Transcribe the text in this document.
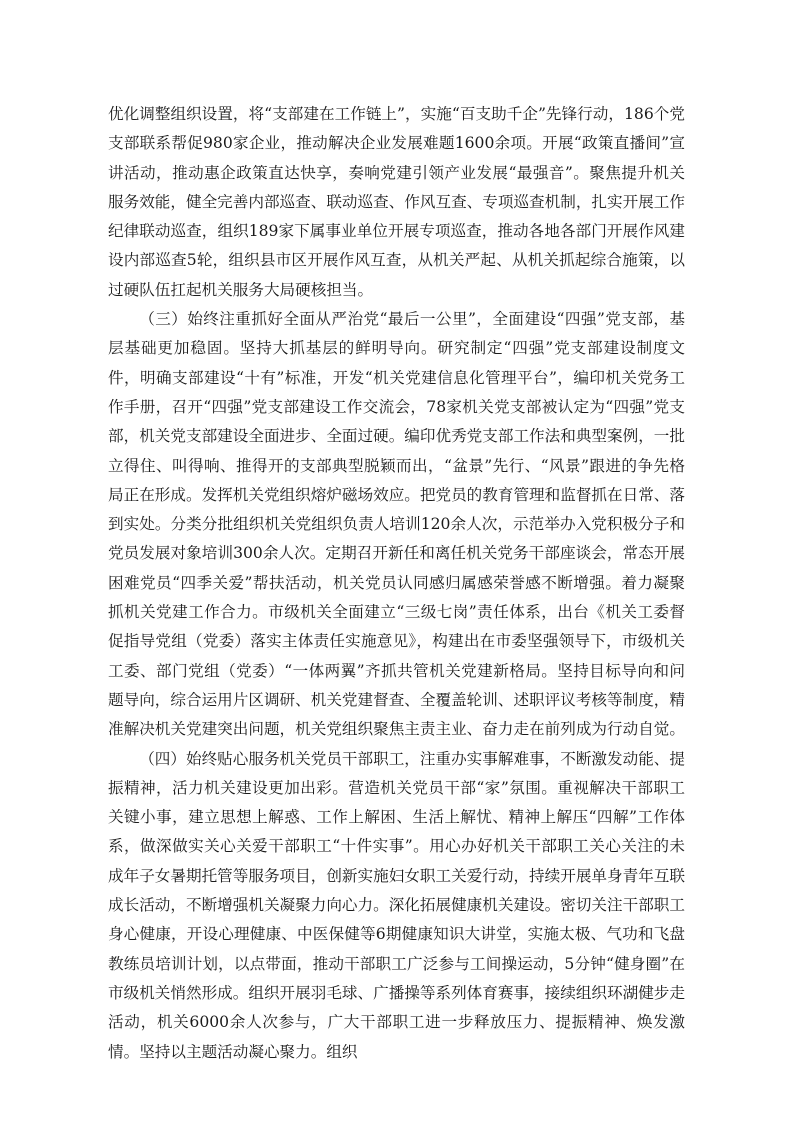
优化调整组织设置，将“支部建在工作链上”，实施“百支助千企”先锋行动，186个党支部联系帮促980家企业，推动解决企业发展难题1600余项。开展“政策直播间”宣讲活动，推动惠企政策直达快享，奏响党建引领产业发展“最强音”。聚焦提升机关服务效能，健全完善内部巡查、联动巡查、作风互查、专项巡查机制，扎实开展工作纪律联动巡查，组织189家下属事业单位开展专项巡查，推动各地各部门开展作风建设内部巡查5轮，组织县市区开展作风互查，从机关严起、从机关抓起综合施策，以过硬队伍扛起机关服务大局硬核担当。

（三）始终注重抓好全面从严治党“最后一公里”，全面建设“四强”党支部，基层基础更加稳固。坚持大抓基层的鲜明导向。研究制定“四强”党支部建设制度文件，明确支部建设“十有”标准，开发“机关党建信息化管理平台”，编印机关党务工作手册，召开“四强”党支部建设工作交流会，78家机关党支部被认定为“四强”党支部，机关党支部建设全面进步、全面过硬。编印优秀党支部工作法和典型案例，一批立得住、叫得响、推得开的支部典型脱颖而出，“盆景”先行、“风景”跟进的争先格局正在形成。发挥机关党组织熔炉磁场效应。把党员的教育管理和监督抓在日常、落到实处。分类分批组织机关党组织负责人培训120余人次，示范举办入党积极分子和党员发展对象培训300余人次。定期召开新任和离任机关党务干部座谈会，常态开展困难党员“四季关爱”帮扶活动，机关党员认同感归属感荣誉感不断增强。着力凝聚抓机关党建工作合力。市级机关全面建立“三级七岗”责任体系，出台《机关工委督促指导党组（党委）落实主体责任实施意见》，构建出在市委坚强领导下，市级机关工委、部门党组（党委）“一体两翼”齐抓共管机关党建新格局。坚持目标导向和问题导向，综合运用片区调研、机关党建督查、全覆盖轮训、述职评议考核等制度，精准解决机关党建突出问题，机关党组织聚焦主责主业、奋力走在前列成为行动自觉。

（四）始终贴心服务机关党员干部职工，注重办实事解难事，不断激发动能、提振精神，活力机关建设更加出彩。营造机关党员干部“家”氛围。重视解决干部职工关键小事，建立思想上解惑、工作上解困、生活上解忧、精神上解压“四解”工作体系，做深做实关心关爱干部职工“十件实事”。用心办好机关干部职工关心关注的未成年子女暑期托管等服务项目，创新实施妇女职工关爱行动，持续开展单身青年互联成长活动，不断增强机关凝聚力向心力。深化拓展健康机关建设。密切关注干部职工身心健康，开设心理健康、中医保健等6期健康知识大讲堂，实施太极、气功和飞盘教练员培训计划，以点带面，推动干部职工广泛参与工间操运动，5分钟“健身圈”在市级机关悄然形成。组织开展羽毛球、广播操等系列体育赛事，接续组织环湖健步走活动，机关6000余人次参与，广大干部职工进一步释放压力、提振精神、焕发激情。坚持以主题活动凝心聚力。组织
